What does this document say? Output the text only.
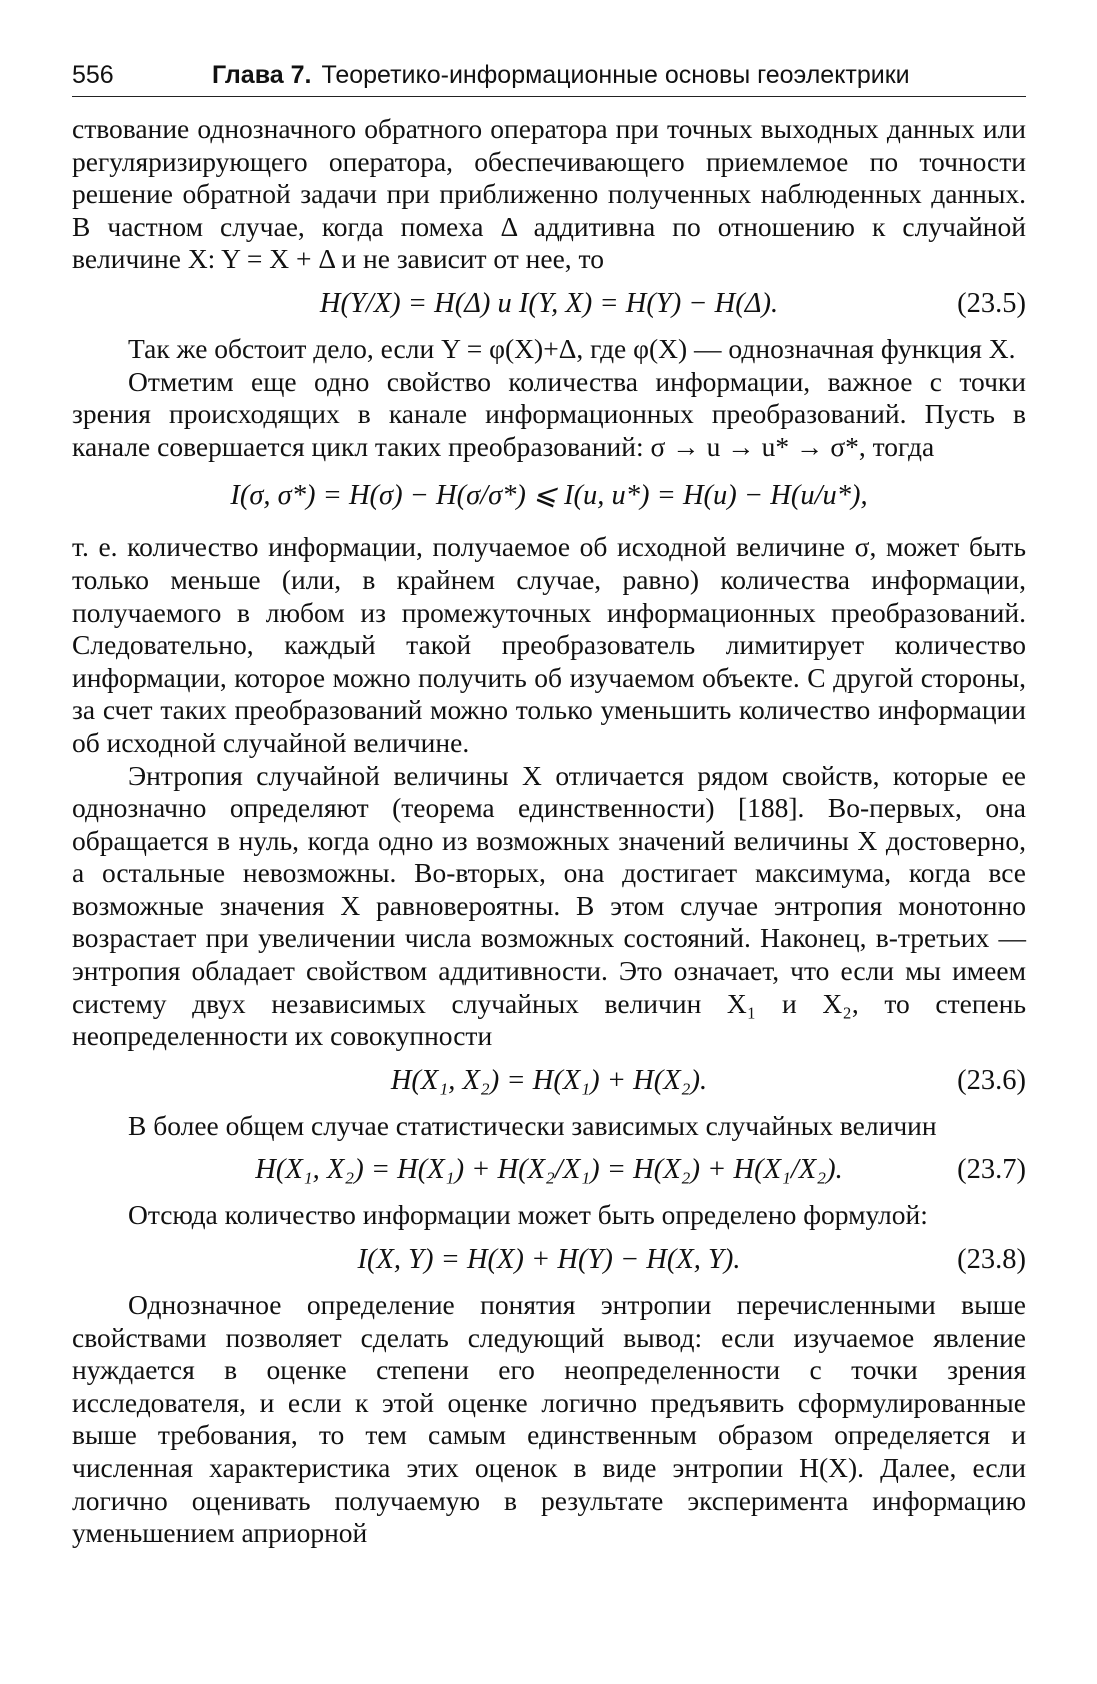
556	Глава 7. Теоретико-информационные основы геоэлектрики

ствование однозначного обратного оператора при точных выходных данных или регуляризирующего оператора, обеспечивающего приемлемое по точности решение обратной задачи при приближенно полученных наблюденных данных. В частном случае, когда помеха Δ аддитивна по отношению к случайной величине X: Y = X + Δ и не зависит от нее, то

H(Y/X) = H(Δ) и I(Y, X) = H(Y) − H(Δ).	(23.5)

Так же обстоит дело, если Y = φ(X)+Δ, где φ(X) — однозначная функция X.

Отметим еще одно свойство количества информации, важное с точки зрения происходящих в канале информационных преобразований. Пусть в канале совершается цикл таких преобразований: σ → u → u* → σ*, тогда

I(σ, σ*) = H(σ) − H(σ/σ*) ⩽ I(u, u*) = H(u) − H(u/u*),

т. е. количество информации, получаемое об исходной величине σ, может быть только меньше (или, в крайнем случае, равно) количества информации, получаемого в любом из промежуточных информационных преобразований. Следовательно, каждый такой преобразователь лимитирует количество информации, которое можно получить об изучаемом объекте. С другой стороны, за счет таких преобразований можно только уменьшить количество информации об исходной случайной величине.

Энтропия случайной величины X отличается рядом свойств, которые ее однозначно определяют (теорема единственности) [188]. Во-первых, она обращается в нуль, когда одно из возможных значений величины X достоверно, а остальные невозможны. Во-вторых, она достигает максимума, когда все возможные значения X равновероятны. В этом случае энтропия монотонно возрастает при увеличении числа возможных состояний. Наконец, в-третьих — энтропия обладает свойством аддитивности. Это означает, что если мы имеем систему двух независимых случайных величин X₁ и X₂, то степень неопределенности их совокупности

H(X₁, X₂) = H(X₁) + H(X₂).	(23.6)

В более общем случае статистически зависимых случайных величин

H(X₁, X₂) = H(X₁) + H(X₂/X₁) = H(X₂) + H(X₁/X₂).	(23.7)

Отсюда количество информации может быть определено формулой:

I(X, Y) = H(X) + H(Y) − H(X, Y).	(23.8)

Однозначное определение понятия энтропии перечисленными выше свойствами позволяет сделать следующий вывод: если изучаемое явление нуждается в оценке степени его неопределенности с точки зрения исследователя, и если к этой оценке логично предъявить сформулированные выше требования, то тем самым единственным образом определяется и численная характеристика этих оценок в виде энтропии H(X). Далее, если логично оценивать получаемую в результате эксперимента информацию уменьшением априорной
